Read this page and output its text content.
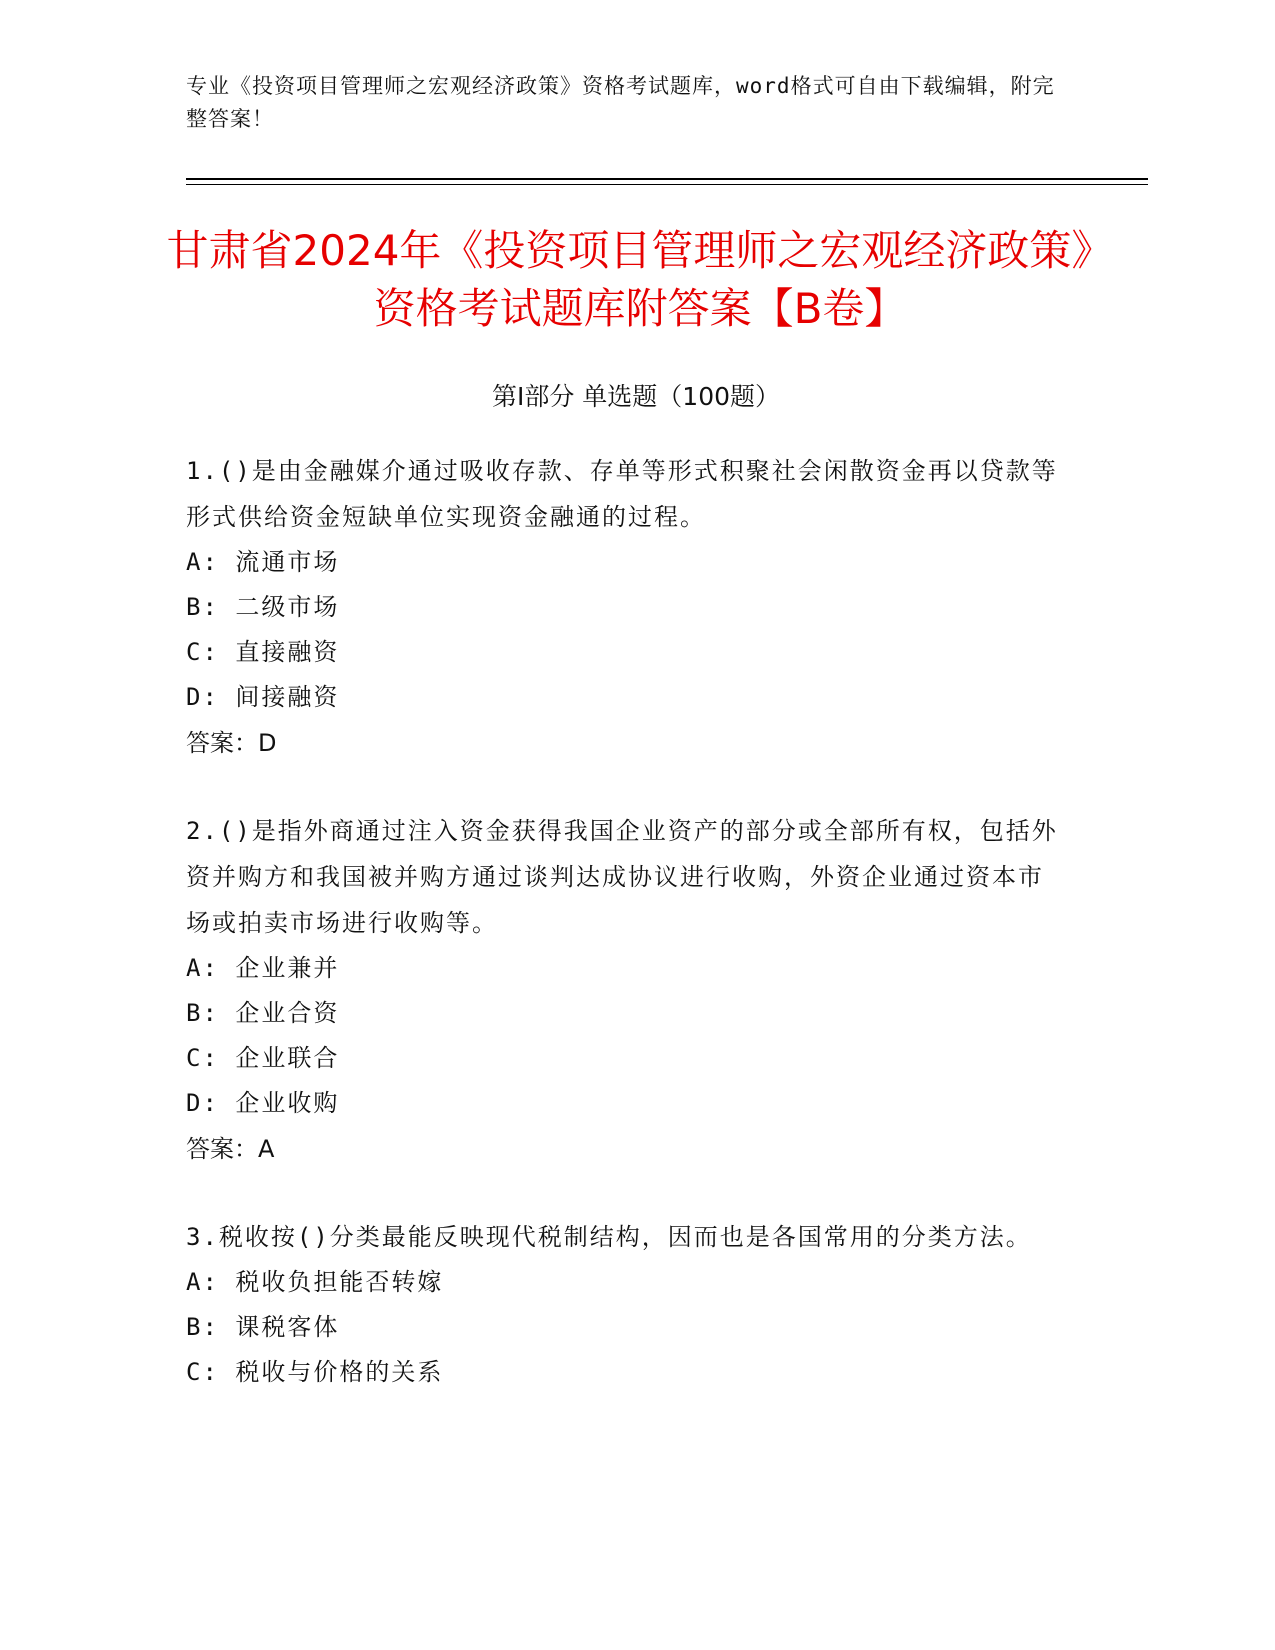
专业《投资项目管理师之宏观经济政策》资格考试题库，word格式可自由下载编辑，附完整答案！
甘肃省2024年《投资项目管理师之宏观经济政策》资格考试题库附答案【B卷】
第I部分 单选题（100题）

1.()是由金融媒介通过吸收存款、存单等形式积聚社会闲散资金再以贷款等形式供给资金短缺单位实现资金融通的过程。

A: 流通市场

B: 二级市场

C: 直接融资

D: 间接融资

答案：D

2.()是指外商通过注入资金获得我国企业资产的部分或全部所有权，包括外资并购方和我国被并购方通过谈判达成协议进行收购，外资企业通过资本市场或拍卖市场进行收购等。

A: 企业兼并

B: 企业合资

C: 企业联合

D: 企业收购

答案：A

3.税收按()分类最能反映现代税制结构，因而也是各国常用的分类方法。

A: 税收负担能否转嫁

B: 课税客体

C: 税收与价格的关系
